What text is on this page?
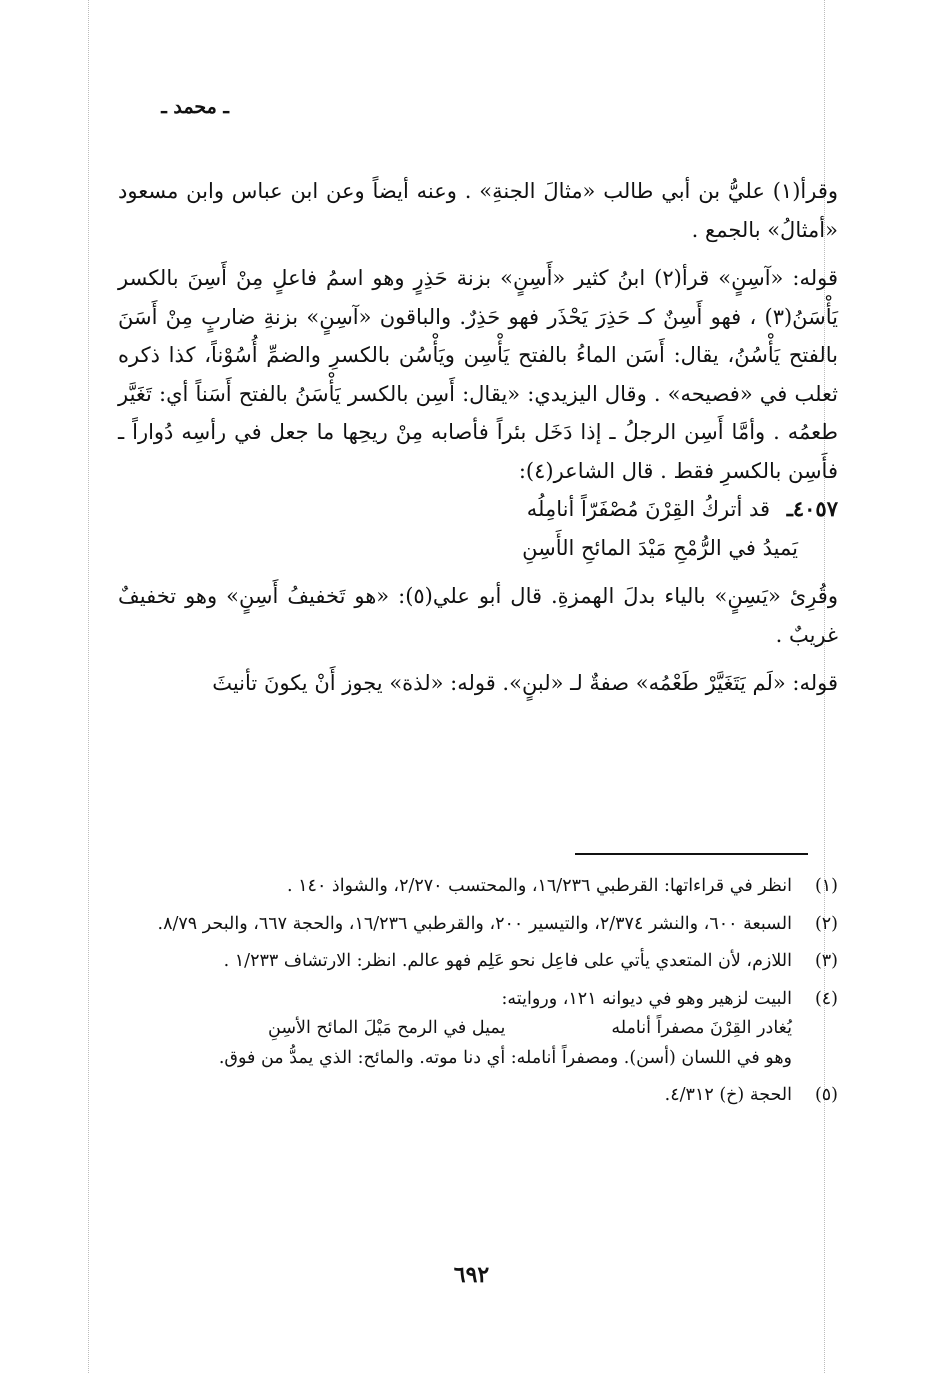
ـ محمد ـ

وقرأ(١) عليُّ بن أبي طالب «مثالَ الجنةِ» . وعنه أيضاً وعن ابن عباس وابن مسعود «أمثالُ» بالجمع .

قوله: «آسِنٍ» قرأ(٢) ابنُ كثير «أَسِنٍ» بزنة حَذِرٍ وهو اسمُ فاعلٍ مِنْ أَسِنَ بالكسر يَأْسَنُ(٣) ، فهو أَسِنٌ كـ حَذِرَ يَحْذَر فهو حَذِرٌ. والباقون «آسِنٍ» بزنةِ ضاربٍ مِنْ أَسَنَ بالفتح يَأْسُنُ، يقال: أَسَن الماءُ بالفتح يَأْسِن ويَأْسُن بالكسرِ والضمِّ أُسُوْناً، كذا ذكره ثعلب في «فصيحه» . وقال اليزيدي: «يقال: أَسِن بالكسر يَأْسَنُ بالفتح أَسَناً أي: تَغَيَّر طعمُه . وأمَّا أَسِن الرجلُ ـ إذا دَخَل بئراً فأصابه مِنْ ريحِها ما جعل في رأسِه دُواراً ـ فأَسِن بالكسرِ فقط . قال الشاعر(٤):

٤٠٥٧ـ قد أتركُ القِرْنَ مُصْفَرّاً أنامِلُه

يَميدُ في الرُّمْحِ مَيْدَ المائحِ الأَسِنِ

وقُرِئ «يَسِنٍ» بالياء بدلَ الهمزةِ. قال أبو علي(٥): «هو تَخفيفُ أَسِنٍ» وهو تخفيفٌ غريبٌ .

قوله: «لَم يَتَغَيَّرْ طَعْمُه» صفةٌ لـ «لبنٍ». قوله: «لذة» يجوز أَنْ يكونَ تأنيثَ

(١)
انظر في قراءاتها: القرطبي ١٦/٢٣٦، والمحتسب ٢/٢٧٠، والشواذ ١٤٠ .
(٢)
السبعة ٦٠٠، والنشر ٢/٣٧٤، والتيسير ٢٠٠، والقرطبي ١٦/٢٣٦، والحجة ٦٦٧، والبحر ٨/٧٩.
(٣)
اللازم، لأن المتعدي يأتي على فاعِل نحو عَلِم فهو عالم. انظر: الارتشاف ١/٢٣٣ .
(٤)

البيت لزهير وهو في ديوانه ١٢١، وروايته:

يُغادر القِرْنَ مصفراً أنامله
يميل في الرمح مَيْلَ المائح الأسِنِ

وهو في اللسان (أسن). ومصفراً أنامله: أي دنا موته. والمائح: الذي يمدُّ من فوق.

(٥)
الحجة (خ) ٤/٣١٢.
٦٩٢
